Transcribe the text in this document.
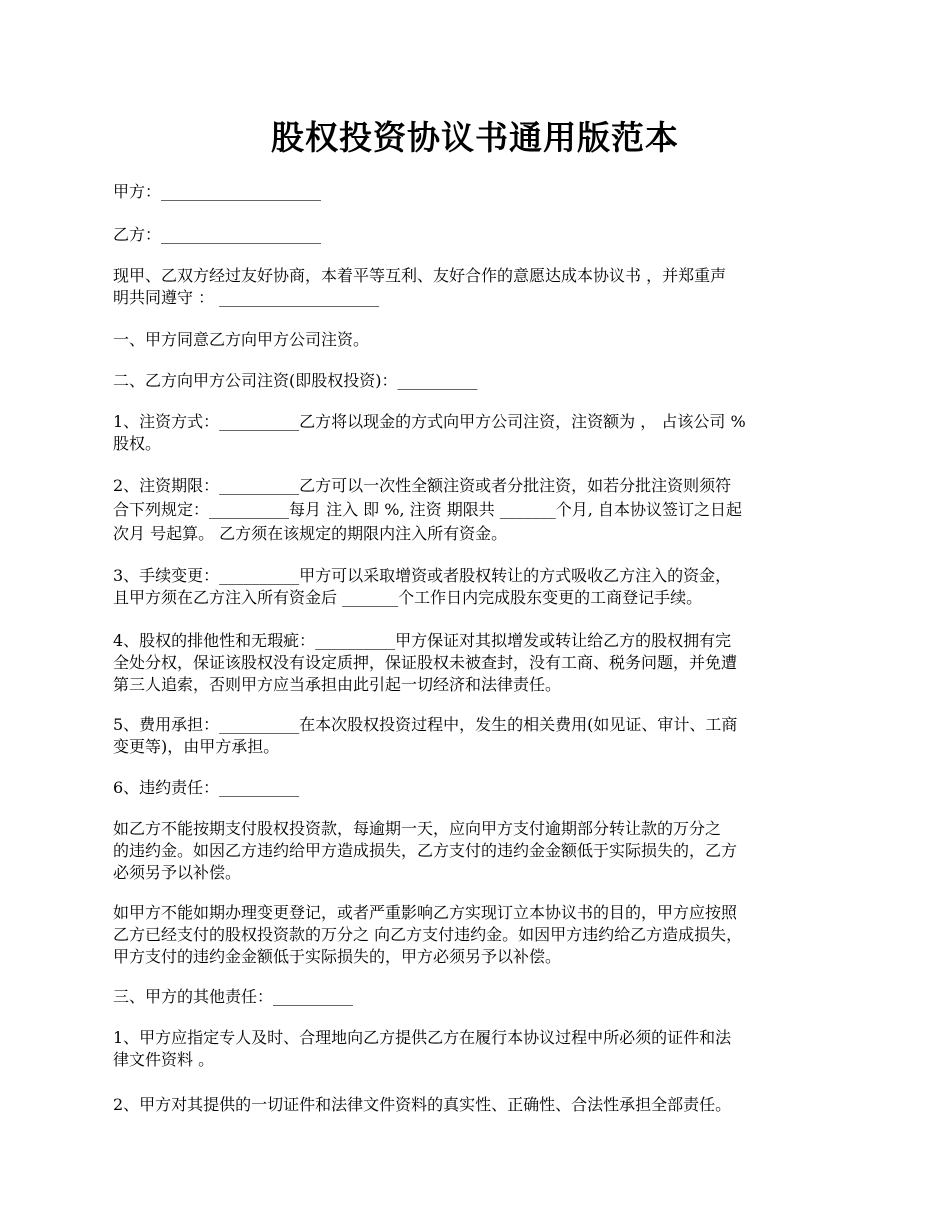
股权投资协议书通用版范本

甲方：____________________

乙方：____________________

现甲、乙双方经过友好协商，本着平等互利、友好合作的意愿达成本协议书 ，并郑重声
明共同遵守 ： ____________________

一、甲方同意乙方向甲方公司注资。

二、乙方向甲方公司注资(即股权投资)：__________

1、注资方式：__________乙方将以现金的方式向甲方公司注资，注资额为 ， 占该公司 %
股权。

2、注资期限：__________乙方可以一次性全额注资或者分批注资，如若分批注资则须符
合下列规定：__________每月 注入 即 %, 注资 期限共 _______个月, 自本协议签订之日起
次月 号起算。 乙方须在该规定的期限内注入所有资金。

3、手续变更：__________甲方可以采取增资或者股权转让的方式吸收乙方注入的资金，
且甲方须在乙方注入所有资金后 _______个工作日内完成股东变更的工商登记手续。

4、股权的排他性和无瑕疵：__________甲方保证对其拟增发或转让给乙方的股权拥有完
全处分权，保证该股权没有设定质押，保证股权未被查封，没有工商、税务问题，并免遭
第三人追索，否则甲方应当承担由此引起一切经济和法律责任。

5、费用承担：__________在本次股权投资过程中，发生的相关费用(如见证、审计、工商
变更等)，由甲方承担。

6、违约责任：__________

如乙方不能按期支付股权投资款，每逾期一天，应向甲方支付逾期部分转让款的万分之
的违约金。如因乙方违约给甲方造成损失，乙方支付的违约金金额低于实际损失的，乙方
必须另予以补偿。

如甲方不能如期办理变更登记，或者严重影响乙方实现订立本协议书的目的，甲方应按照
乙方已经支付的股权投资款的万分之 向乙方支付违约金。如因甲方违约给乙方造成损失，
甲方支付的违约金金额低于实际损失的，甲方必须另予以补偿。

三、甲方的其他责任：__________

1、甲方应指定专人及时、合理地向乙方提供乙方在履行本协议过程中所必须的证件和法
律文件资料 。

2、甲方对其提供的一切证件和法律文件资料的真实性、正确性、合法性承担全部责任。
